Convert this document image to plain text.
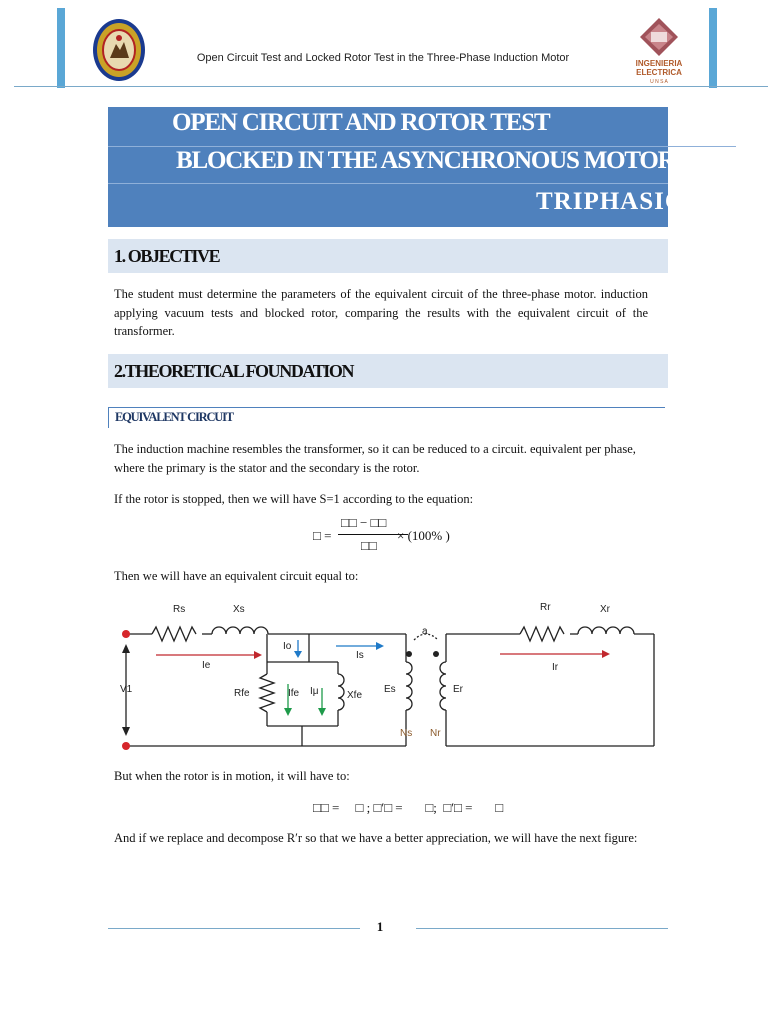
Open Circuit Test and Locked Rotor Test in the Three-Phase Induction Motor	INGENIERIA
ELECTRICA
U N S A
OPEN CIRCUIT AND ROTOR TEST
BLOCKED IN THE ASYNCHRONOUS MOTOR
TRIPHASIC
1. OBJECTIVE
The student must determine the parameters of the equivalent circuit of the three-phase motor. induction applying vacuum tests and blocked rotor, comparing the results with the equivalent circuit of the transformer.
2.THEORETICAL FOUNDATION
EQUIVALENT CIRCUIT
The induction machine resembles the transformer, so it can be reduced to a circuit. equivalent per phase, where the primary is the stator and the secondary is the rotor.
If the rotor is stopped, then we will have S=1 according to the equation:
□ =
□□ − □□
□□
× (100% )
Then we will have an equivalent circuit equal to:
Rs	Xs
Io
Is
Ie
V1	Rfe	Ife Iμ	Xfe
Es
a
Er
Rr	Xr
Ir
Ns Nr
But when the rotor is in motion, it will have to:
□□ =     □ ; □′□ =       □;  □′□ =       □
And if we replace and decompose R′r so that we have a better appreciation, we will have the next figure:
1
